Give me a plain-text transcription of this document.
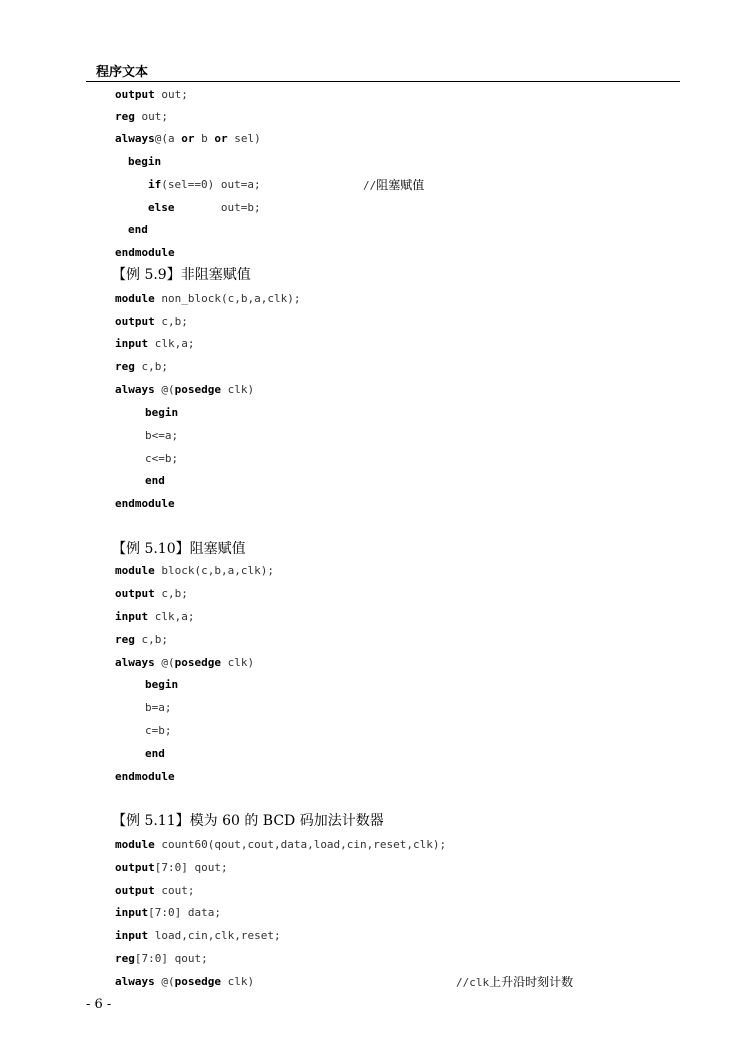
程序文本
output out;
reg out;
always@(a or b or sel)
begin
if(sel==0) out=a;	//阻塞赋值
else       out=b;
end
endmodule
【例 5.9】非阻塞赋值
module non_block(c,b,a,clk);
output c,b;
input clk,a;
reg c,b;
always @(posedge clk)
begin
b<=a;
c<=b;
end
endmodule
【例 5.10】阻塞赋值
module block(c,b,a,clk);
output c,b;
input clk,a;
reg c,b;
always @(posedge clk)
begin
b=a;
c=b;
end
endmodule
【例 5.11】模为 60 的 BCD 码加法计数器
module count60(qout,cout,data,load,cin,reset,clk);
output[7:0] qout;
output cout;
input[7:0] data;
input load,cin,clk,reset;
reg[7:0] qout;
always @(posedge clk)	//clk上升沿时刻计数
- 6 -
